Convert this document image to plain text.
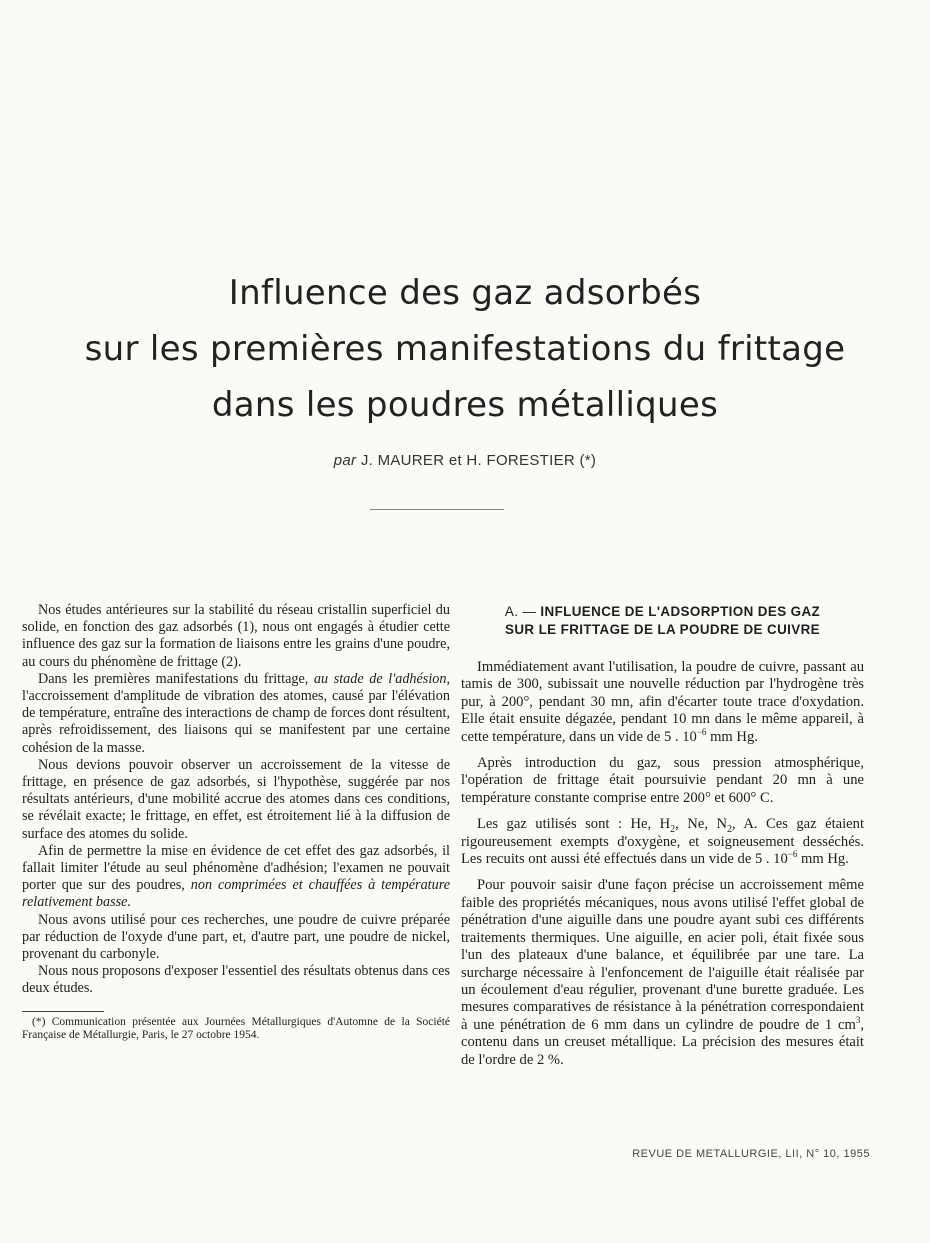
Influence des gaz adsorbés
sur les premières manifestations du frittage
dans les poudres métalliques
par J. MAURER et H. FORESTIER (*)

Nos études antérieures sur la stabilité du réseau cristallin superficiel du solide, en fonction des gaz adsorbés (1), nous ont engagés à étudier cette influence des gaz sur la formation de liaisons entre les grains d'une poudre, au cours du phénomène de frittage (2).

Dans les premières manifestations du frittage, au stade de l'adhésion, l'accroissement d'amplitude de vibration des atomes, causé par l'élévation de température, entraîne des interactions de champ de forces dont résultent, après refroidissement, des liaisons qui se manifestent par une certaine cohésion de la masse.

Nous devions pouvoir observer un accroissement de la vitesse de frittage, en présence de gaz adsorbés, si l'hypothèse, suggérée par nos résultats antérieurs, d'une mobilité accrue des atomes dans ces conditions, se révélait exacte; le frittage, en effet, est étroitement lié à la diffusion de surface des atomes du solide.

Afin de permettre la mise en évidence de cet effet des gaz adsorbés, il fallait limiter l'étude au seul phénomène d'adhésion; l'examen ne pouvait porter que sur des poudres, non comprimées et chauffées à température relativement basse.

Nous avons utilisé pour ces recherches, une poudre de cuivre préparée par réduction de l'oxyde d'une part, et, d'autre part, une poudre de nickel, provenant du carbonyle.

Nous nous proposons d'exposer l'essentiel des résultats obtenus dans ces deux études.

(*) Communication présentée aux Journées Métallurgiques d'Automne de la Société Française de Métallurgie, Paris, le 27 octobre 1954.

A. — INFLUENCE DE L'ADSORPTION DES GAZ
SUR LE FRITTAGE DE LA POUDRE DE CUIVRE

Immédiatement avant l'utilisation, la poudre de cuivre, passant au tamis de 300, subissait une nouvelle réduction par l'hydrogène très pur, à 200°, pendant 30 mn, afin d'écarter toute trace d'oxydation. Elle était ensuite dégazée, pendant 10 mn dans le même appareil, à cette température, dans un vide de 5 . $10^{-6}$ mm Hg.

Après introduction du gaz, sous pression atmosphérique, l'opération de frittage était poursuivie pendant 20 mn à une température constante comprise entre 200° et 600° C.

Les gaz utilisés sont : He, $H_2$, Ne, $N_2$, A. Ces gaz étaient rigoureusement exempts d'oxygène, et soigneusement desséchés. Les recuits ont aussi été effectués dans un vide de 5 . $10^{-6}$ mm Hg.

Pour pouvoir saisir d'une façon précise un accroissement même faible des propriétés mécaniques, nous avons utilisé l'effet global de pénétration d'une aiguille dans une poudre ayant subi ces différents traitements thermiques. Une aiguille, en acier poli, était fixée sous l'un des plateaux d'une balance, et équilibrée par une tare. La surcharge nécessaire à l'enfoncement de l'aiguille était réalisée par un écoulement d'eau régulier, provenant d'une burette graduée. Les mesures comparatives de résistance à la pénétration correspondaient à une pénétration de 6 mm dans un cylindre de poudre de 1 $cm^3$, contenu dans un creuset métallique. La précision des mesures était de l'ordre de 2 %.

REVUE DE METALLURGIE, LII, N° 10, 1955
